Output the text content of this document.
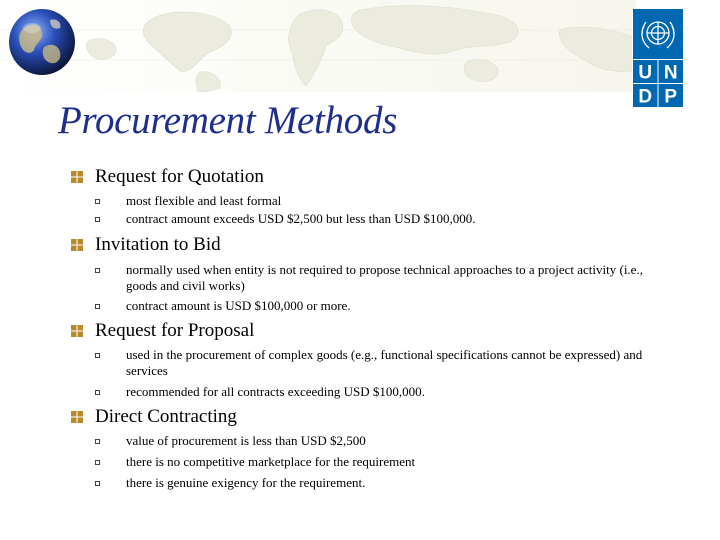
U N
D P
Procurement Methods
Request for Quotation
most flexible and least formal
contract amount exceeds USD $2,500 but less than USD $100,000.
Invitation to Bid
normally used when entity is not required to propose technical approaches to a project activity (i.e., goods and civil works)
contract amount is USD $100,000 or more.
Request for Proposal
used in the procurement of complex goods (e.g., functional specifications cannot be expressed) and services
recommended for all contracts exceeding USD $100,000.
Direct Contracting
value of procurement is less than USD $2,500
there is no competitive marketplace for the requirement
there is genuine exigency for the requirement.
